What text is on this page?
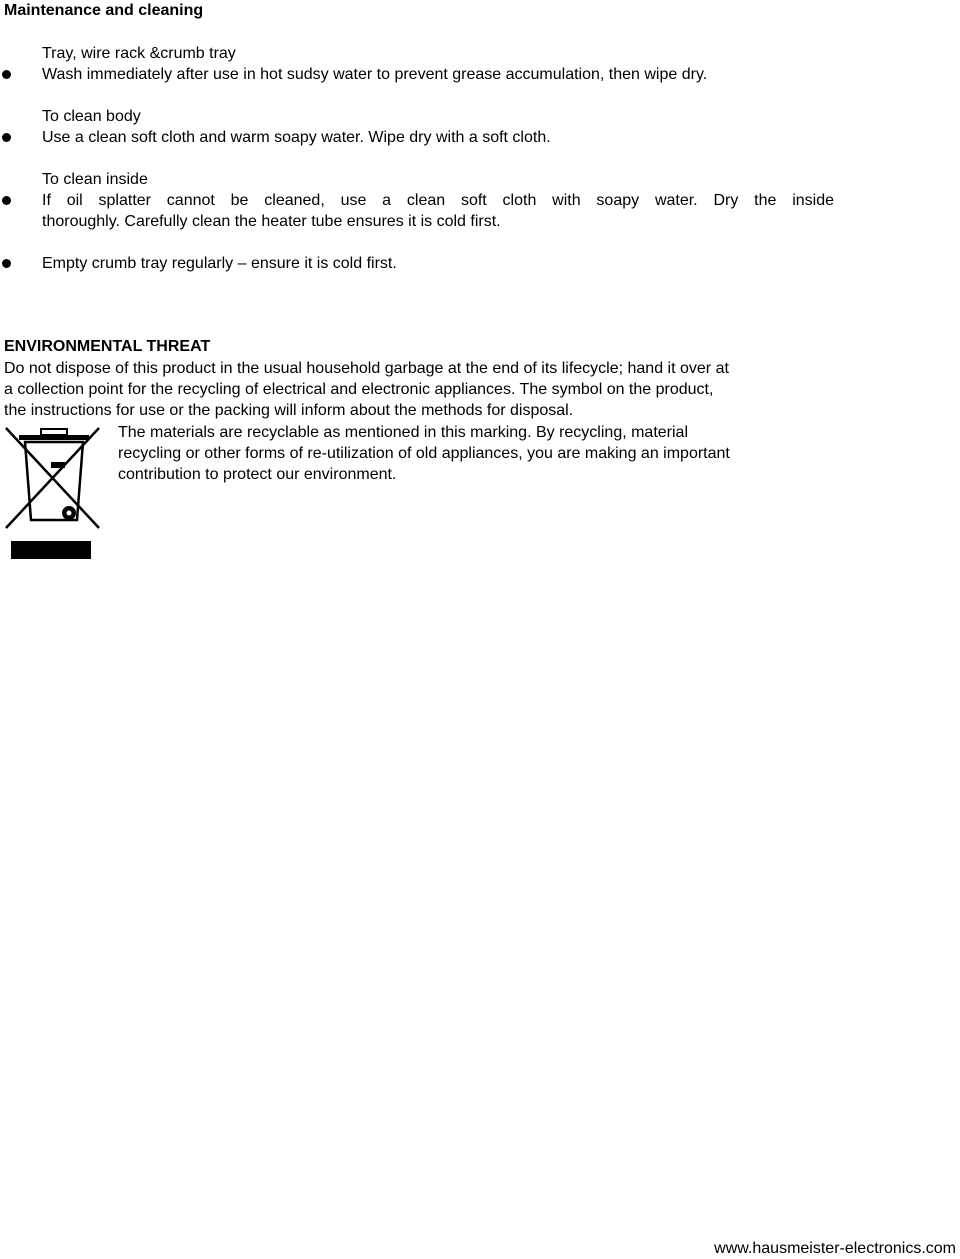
Maintenance and cleaning
Tray, wire rack &crumb tray
Wash immediately after use in hot sudsy water to prevent grease accumulation, then wipe dry.
To clean body
Use a clean soft cloth and warm soapy water. Wipe dry with a soft cloth.
To clean inside
If oil splatter cannot be cleaned, use a clean soft cloth with soapy water. Dry the inside
thoroughly. Carefully clean the heater tube ensures it is cold first.
Empty crumb tray regularly – ensure it is cold first.
ENVIRONMENTAL THREAT
Do not dispose of this product in the usual household garbage at the end of its lifecycle; hand it over at
a collection point for the recycling of electrical and electronic appliances. The symbol on the product,
the instructions for use or the packing will inform about the methods for disposal.
The materials are recyclable as mentioned in this marking. By recycling, material
recycling or other forms of re-utilization of old appliances, you are making an important
contribution to protect our environment.
www.hausmeister-electronics.com
